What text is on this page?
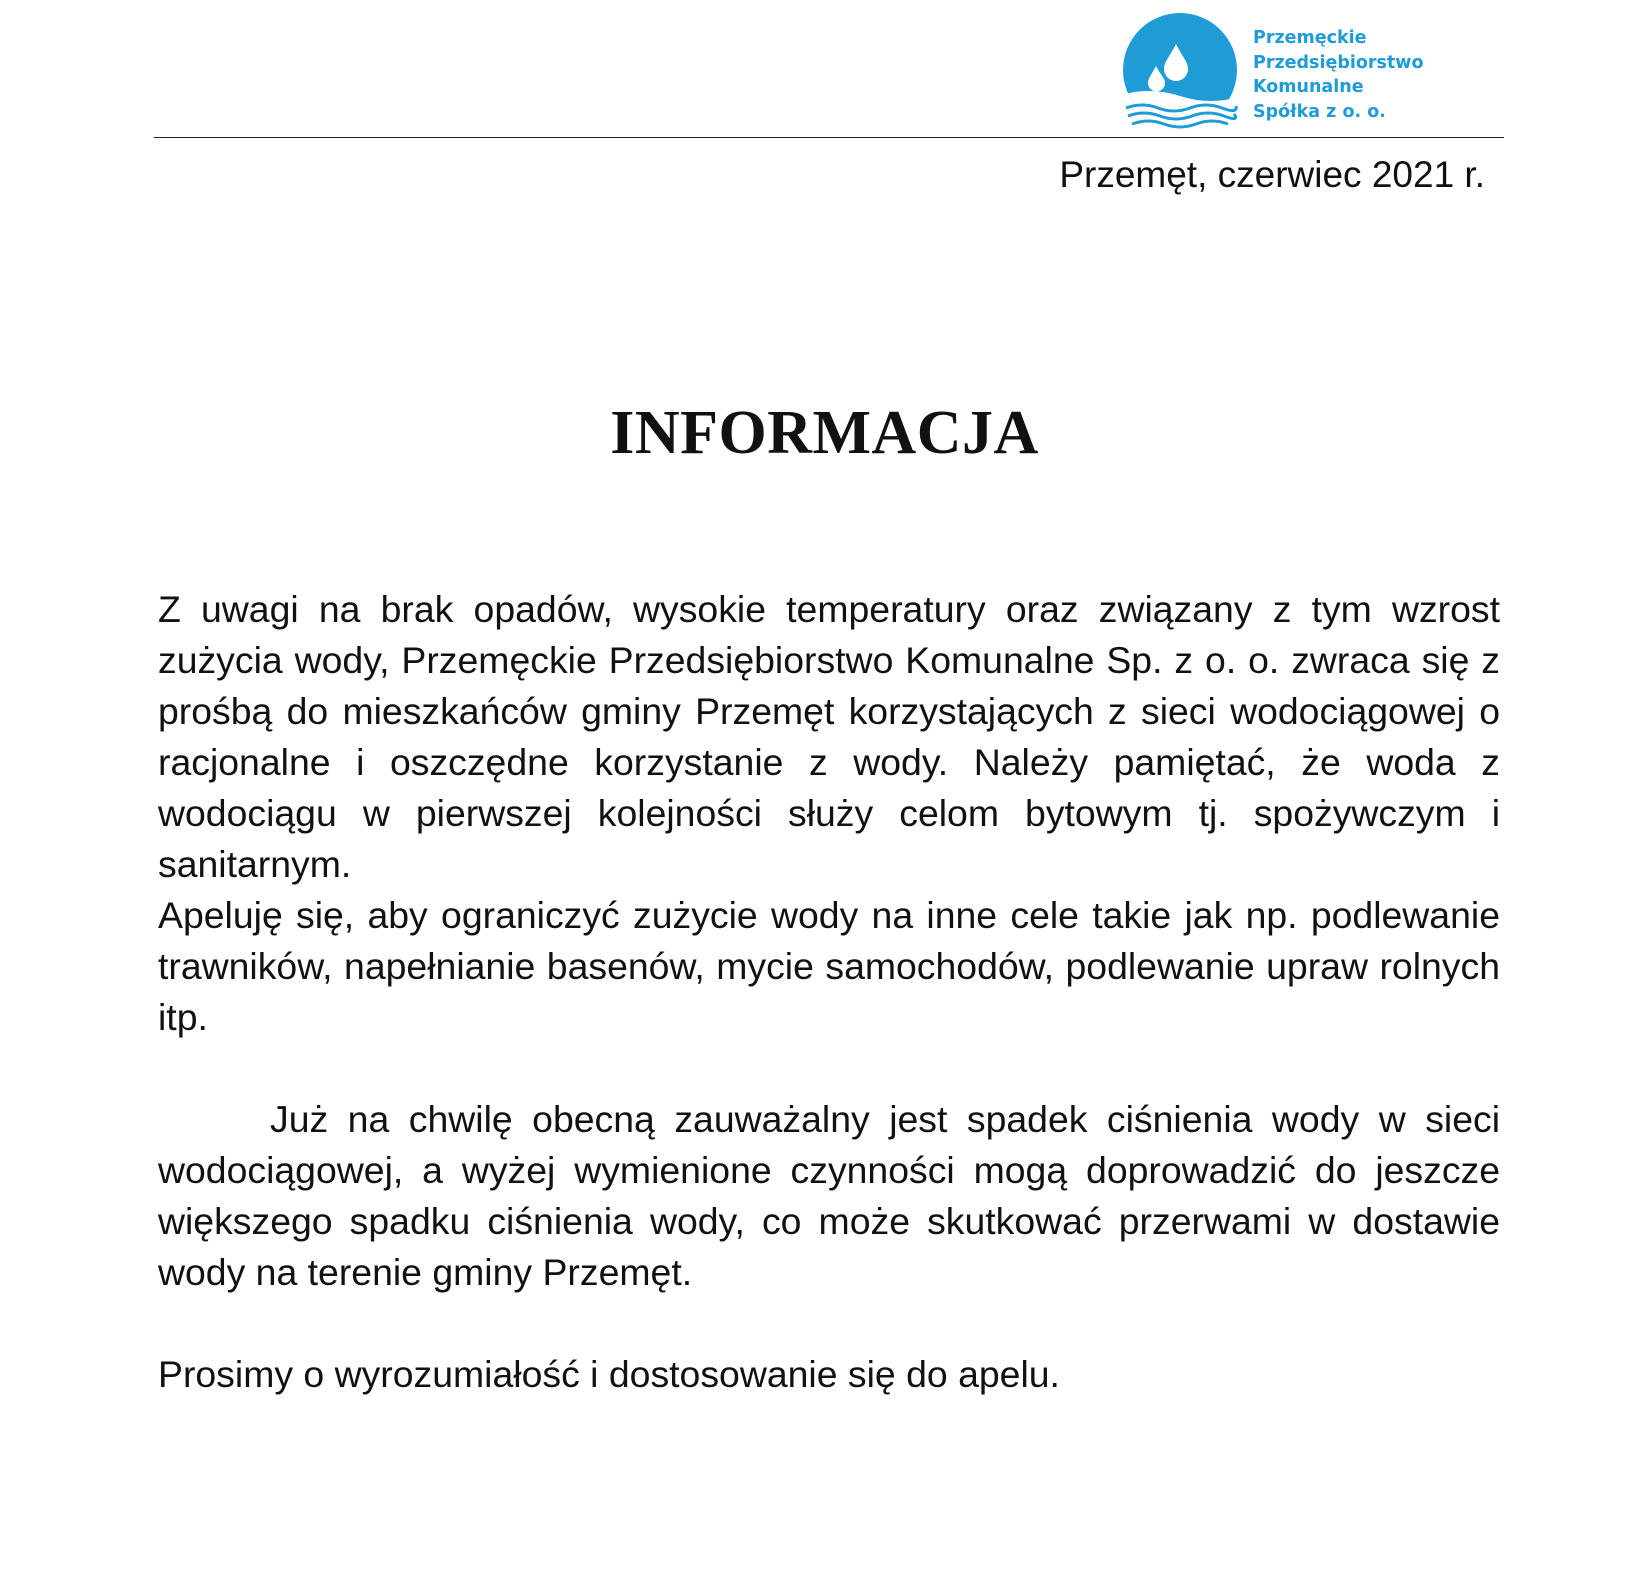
Przemęckie
Przedsiębiorstwo
Komunalne
Spółka z o. o.
Przemęt, czerwiec 2021 r.
INFORMACJA

Z uwagi na brak opadów, wysokie temperatury oraz związany z tym wzrost zużycia wody, Przemęckie Przedsiębiorstwo Komunalne Sp. z o. o. zwraca się z prośbą do mieszkańców gminy Przemęt korzystających z sieci wodociągowej o racjonalne i oszczędne korzystanie z wody. Należy pamiętać, że woda z wodociągu w pierwszej kolejności służy celom bytowym tj. spożywczym i sanitarnym.

Apeluję się, aby ograniczyć zużycie wody na inne cele takie jak np. podlewanie trawników, napełnianie basenów, mycie samochodów, podlewanie upraw rolnych itp.

Już na chwilę obecną zauważalny jest spadek ciśnienia wody w sieci wodociągowej, a wyżej wymienione czynności mogą doprowadzić do jeszcze większego spadku ciśnienia wody, co może skutkować przerwami w dostawie wody na terenie gminy Przemęt.

Prosimy o wyrozumiałość i dostosowanie się do apelu.
